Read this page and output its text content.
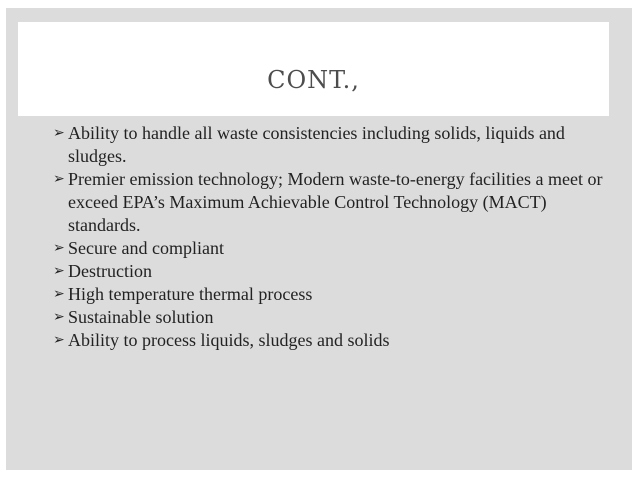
CONT.,
➢ Ability to handle all waste consistencies including solids, liquids and sludges.
➢ Premier emission technology; Modern waste-to-energy facilities a meet or exceed EPA’s Maximum Achievable Control Technology (MACT) standards.
➢ Secure and compliant
➢ Destruction
➢ High temperature thermal process
➢ Sustainable solution
➢ Ability to process liquids, sludges and solids
